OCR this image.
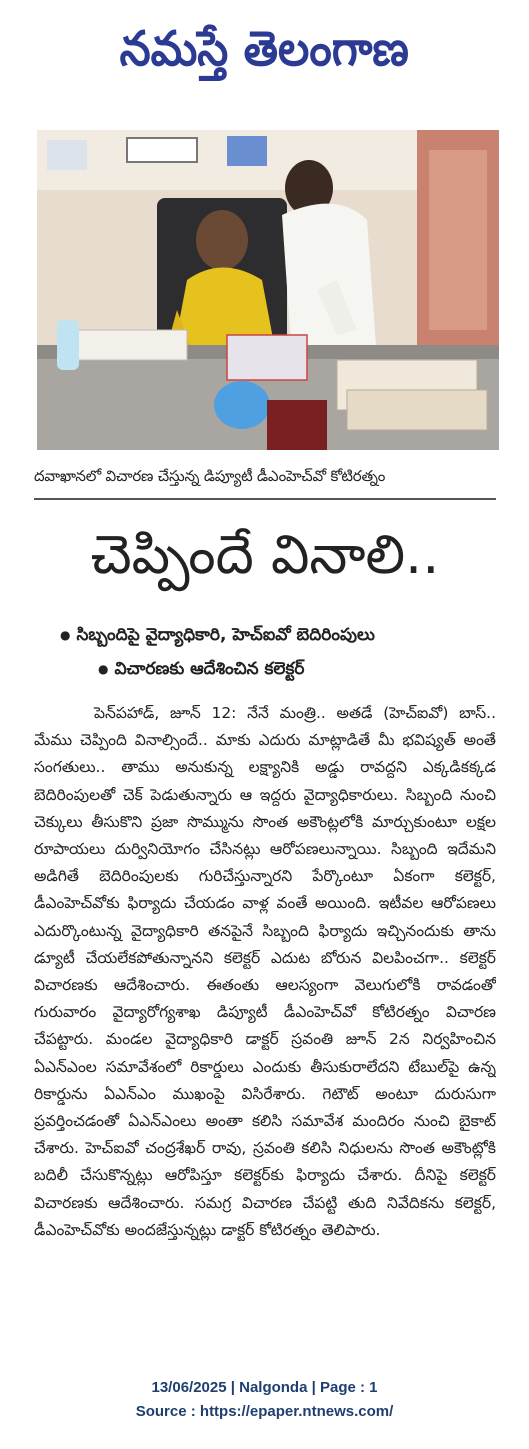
నమస్తే తెలంగాణ
దవాఖానలో విచారణ చేస్తున్న డిప్యూటీ డీఎంహెచ్‌వో కోటిరత్నం
చెప్పిందే వినాలి..
● సిబ్బందిపై వైద్యాధికారి, హెచ్‌ఐవో బెదిరింపులు
● విచారణకు ఆదేశించిన కలెక్టర్

పెన్‌పహాడ్, జూన్ 12: నేనే మంత్రి.. అతడే (హెచ్‌ఐవో) బాస్.. మేము చెప్పింది వినాల్సిందే.. మాకు ఎదురు మాట్లాడితే మీ భవిష్యత్ అంతే సంగతులు.. తాము అనుకున్న లక్ష్యానికి అడ్డు రావద్దని ఎక్కడికక్కడ బెదిరింపులతో చెక్ పెడుతున్నారు ఆ ఇద్దరు వైద్యాధికారులు. సిబ్బంది నుంచి చెక్కులు తీసుకొని ప్రజా సొమ్మును సొంత అకౌంట్లలోకి మార్చుకుంటూ లక్షల రూపాయలు దుర్వినియోగం చేసినట్లు ఆరోపణలున్నాయి. సిబ్బంది ఇదేమని అడిగితే బెదిరింపులకు గురిచేస్తున్నారని పేర్కొంటూ ఏకంగా కలెక్టర్, డీఎంహెచ్‌వోకు ఫిర్యాదు చేయడం వాళ్ల వంతే అయింది. ఇటీవల ఆరోపణలు ఎదుర్కొంటున్న వైద్యాధికారి తనపైనే సిబ్బంది ఫిర్యాదు ఇచ్చినందుకు తాను డ్యూటీ చేయలేకపోతున్నానని కలెక్టర్ ఎదుట బోరున విలపించగా.. కలెక్టర్ విచారణకు ఆదేశించారు. ఈతంతు ఆలస్యంగా వెలుగులోకి రావడంతో గురువారం వైద్యారోగ్యశాఖ డిప్యూటీ డీఎంహెచ్‌వో కోటిరత్నం విచారణ చేపట్టారు. మండల వైద్యాధికారి డాక్టర్ స్రవంతి జూన్ 2న నిర్వహించిన ఏఎన్ఎంల సమావేశంలో రికార్డులు ఎందుకు తీసుకురాలేదని టేబుల్‌పై ఉన్న రికార్డును ఏఎన్ఎం ముఖంపై విసిరేశారు. గెటౌట్ అంటూ దురుసుగా ప్రవర్తించడంతో ఏఎన్ఎంలు అంతా కలిసి సమావేశ మందిరం నుంచి బైకాట్ చేశారు. హెచ్‌ఐవో చంద్రశేఖర్ రావు, స్రవంతి కలిసి నిధులను సొంత అకౌంట్లోకి బదిలీ చేసుకొన్నట్లు ఆరోపిస్తూ కలెక్టర్‌కు ఫిర్యాదు చేశారు. దీనిపై కలెక్టర్ విచారణకు ఆదేశించారు. సమగ్ర విచారణ చేపట్టి తుది నివేదికను కలెక్టర్, డీఎంహెచ్‌వోకు అందజేస్తున్నట్లు డాక్టర్ కోటిరత్నం తెలిపారు.

13/06/2025 | Nalgonda | Page : 1
Source : https://epaper.ntnews.com/
